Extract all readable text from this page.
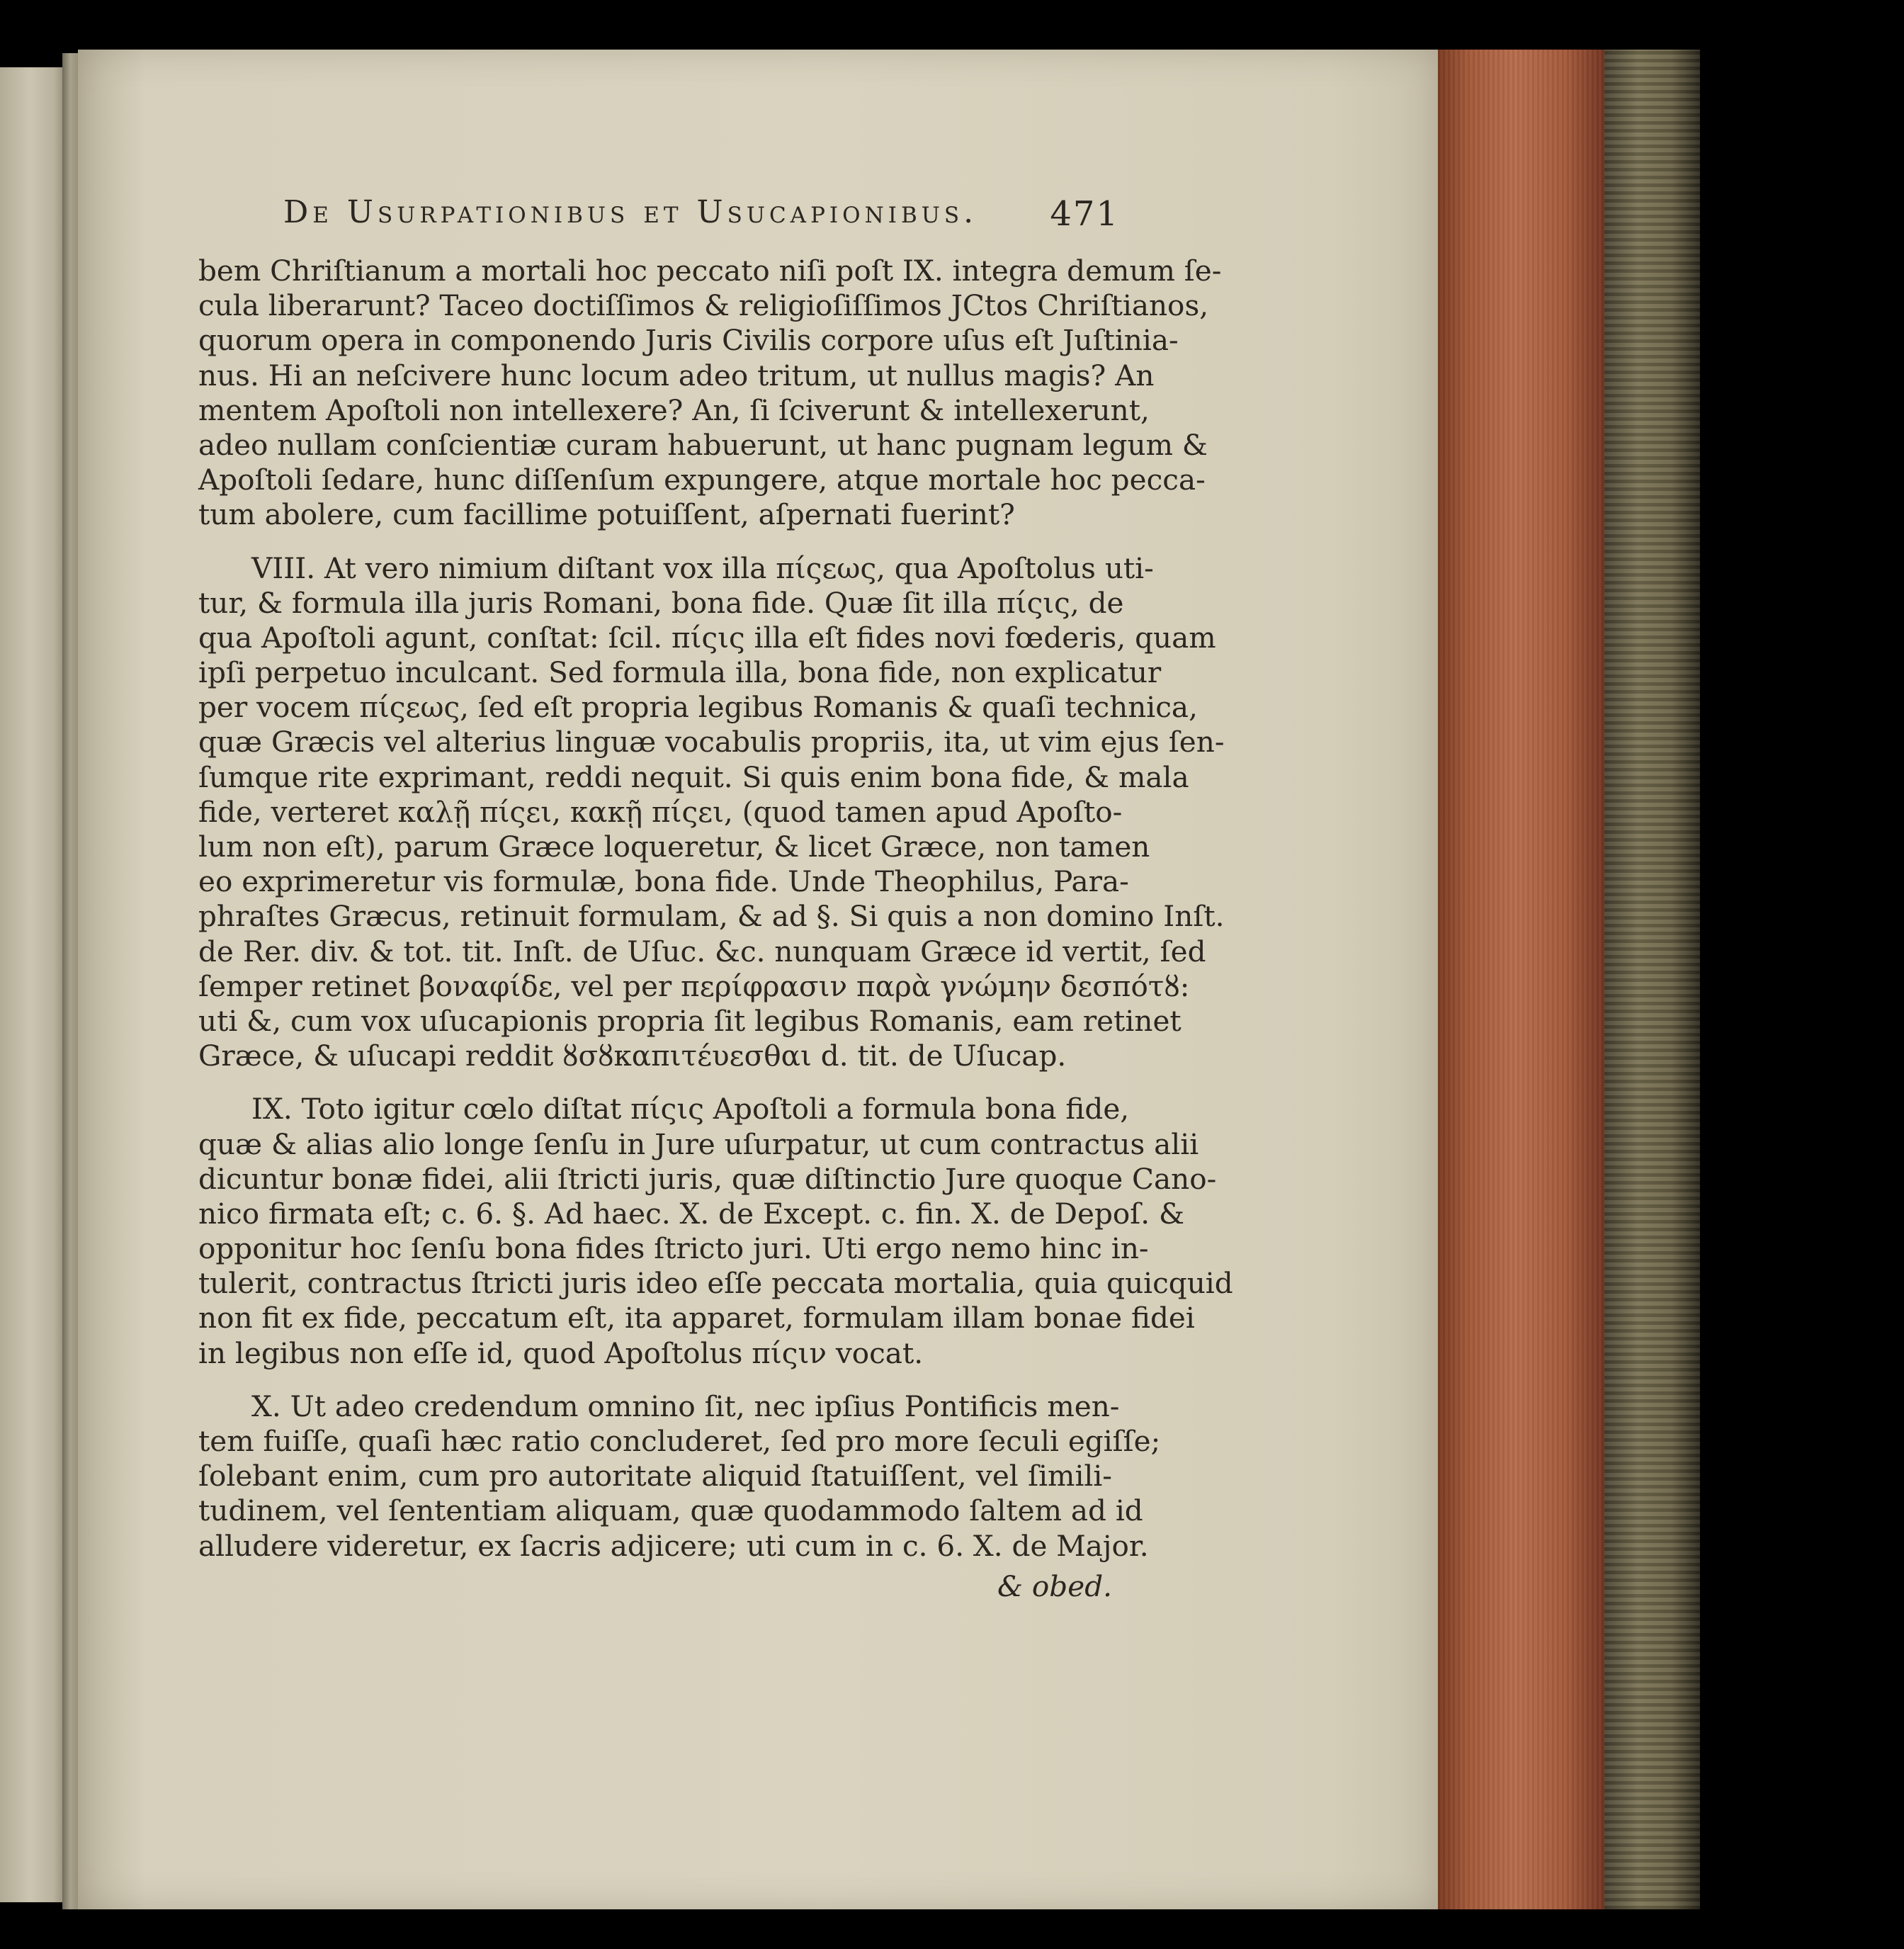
De Usurpationibus et Usucapionibus. 471
bem Chriſtianum a mortali hoc peccato niſi poſt IX. integra demum ſe-
cula liberarunt? Taceo doctiſſimos & religioſiſſimos JCtos Chriſtianos,
quorum opera in componendo Juris Civilis corpore uſus eſt Juſtinia-
nus. Hi an neſcivere hunc locum adeo tritum, ut nullus magis? An
mentem Apoſtoli non intellexere? An, ſi ſciverunt & intellexerunt,
adeo nullam conſcientiæ curam habuerunt, ut hanc pugnam legum &
Apoſtoli ſedare, hunc diſſenſum expungere, atque mortale hoc pecca-
tum abolere, cum facillime potuiſſent, aſpernati fuerint?
VIII. At vero nimium diſtant vox illa πίςεως, qua Apoſtolus uti-
tur, & formula illa juris Romani, bona fide. Quæ ſit illa πίςις, de
qua Apoſtoli agunt, conſtat: ſcil. πίςις illa eſt fides novi fœderis, quam
ipſi perpetuo inculcant. Sed formula illa, bona fide, non explicatur
per vocem πίςεως, ſed eſt propria legibus Romanis & quaſi technica,
quæ Græcis vel alterius linguæ vocabulis propriis, ita, ut vim ejus ſen-
ſumque rite exprimant, reddi nequit. Si quis enim bona fide, & mala
fide, verteret καλῇ πίςει, κακῇ πίςει, (quod tamen apud Apoſto-
lum non eſt), parum Græce loqueretur, & licet Græce, non tamen
eo exprimeretur vis formulæ, bona fide. Unde Theophilus, Para-
phraſtes Græcus, retinuit formulam, & ad §. Si quis a non domino Inſt.
de Rer. div. & tot. tit. Inſt. de Uſuc. &c. nunquam Græce id vertit, ſed
ſemper retinet βοναφίδε, vel per περίφρασιν παρὰ γνώμην δεσπότȣ:
uti &, cum vox uſucapionis propria ſit legibus Romanis, eam retinet
Græce, & uſucapi reddit ȣσȣκαπιτέυεσθαι d. tit. de Uſucap.
IX. Toto igitur cœlo diſtat πίςις Apoſtoli a formula bona fide,
quæ & alias alio longe ſenſu in Jure uſurpatur, ut cum contractus alii
dicuntur bonæ fidei, alii ſtricti juris, quæ diſtinctio Jure quoque Cano-
nico firmata eſt; c. 6. §. Ad haec. X. de Except. c. fin. X. de Depoſ. &
opponitur hoc ſenſu bona fides ſtricto juri. Uti ergo nemo hinc in-
tulerit, contractus ſtricti juris ideo eſſe peccata mortalia, quia quicquid
non fit ex fide, peccatum eſt, ita apparet, formulam illam bonae fidei
in legibus non eſſe id, quod Apoſtolus πίςιν vocat.
X. Ut adeo credendum omnino ſit, nec ipſius Pontificis men-
tem fuiſſe, quaſi hæc ratio concluderet, ſed pro more ſeculi egiſſe;
ſolebant enim, cum pro autoritate aliquid ſtatuiſſent, vel ſimili-
tudinem, vel ſententiam aliquam, quæ quodammodo ſaltem ad id
alludere videretur, ex ſacris adjicere; uti cum in c. 6. X. de Major.
& obed.
